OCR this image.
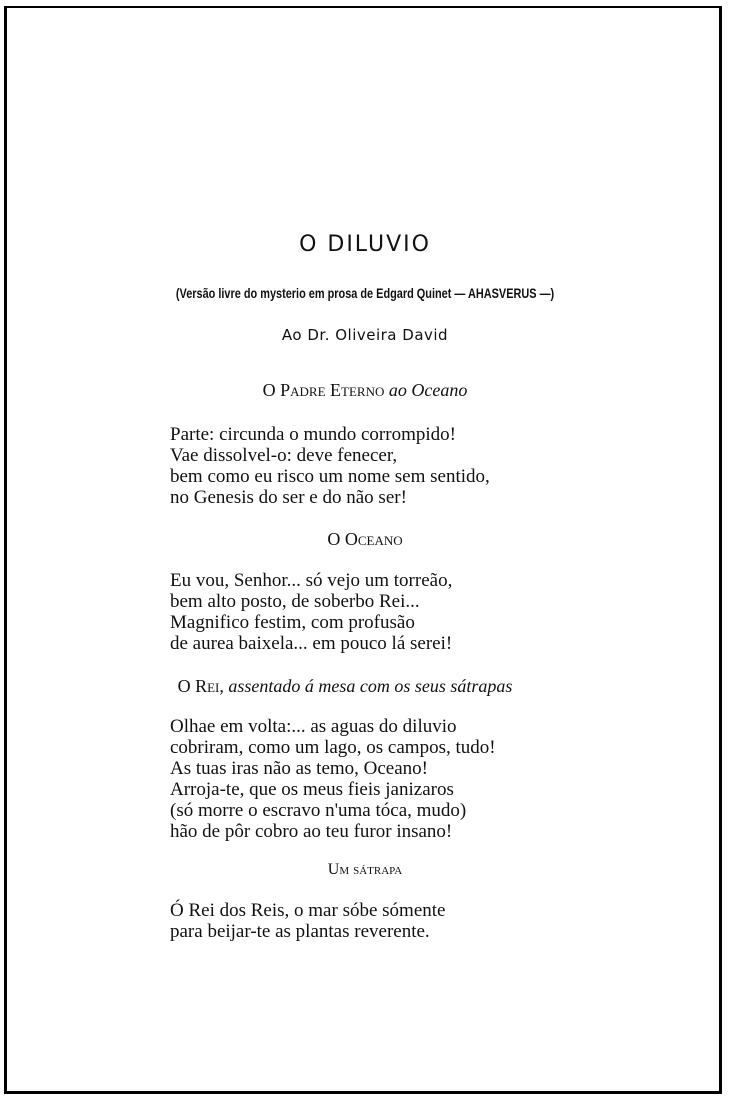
O DILUVIO
(Versão livre do mysterio em prosa de Edgard Quinet — AHASVERUS —)
Ao Dr. Oliveira David
O Padre Eterno ao Oceano
Parte: circunda o mundo corrompido!
Vae dissolvel-o: deve fenecer,
bem como eu risco um nome sem sentido,
no Genesis do ser e do não ser!
O Oceano
Eu vou, Senhor... só vejo um torreão,
bem alto posto, de soberbo Rei...
Magnifico festim, com profusão
de aurea baixela... em pouco lá serei!
O Rei, assentado á mesa com os seus sátrapas
Olhae em volta:... as aguas do diluvio
cobriram, como um lago, os campos, tudo!
As tuas iras não as temo, Oceano!
Arroja-te, que os meus fieis janizaros
(só morre o escravo n'uma tóca, mudo)
hão de pôr cobro ao teu furor insano!
Um sátrapa
Ó Rei dos Reis, o mar sóbe sómente
para beijar-te as plantas reverente.
